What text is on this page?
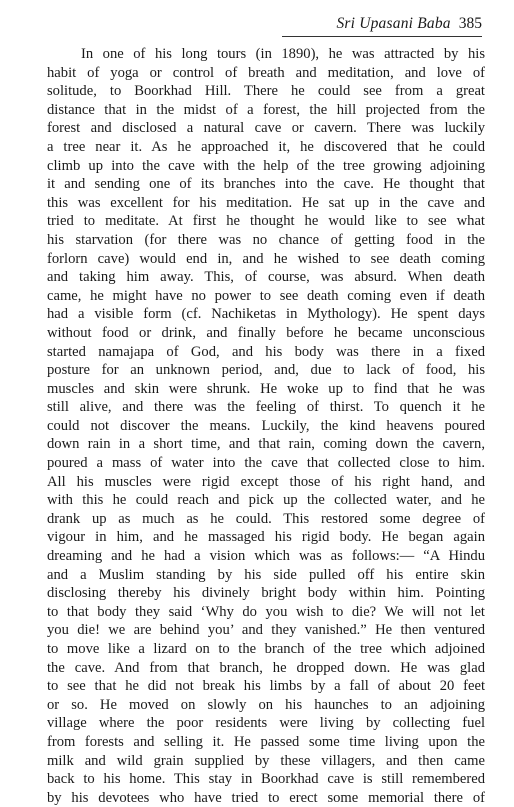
Sri Upasani Baba 385
In one of his long tours (in 1890), he was attracted by his
habit of yoga or control of breath and meditation, and love of
solitude, to Boorkhad Hill. There he could see from a great
distance that in the midst of a forest, the hill projected from the
forest and disclosed a natural cave or cavern. There was luckily
a tree near it. As he approached it, he discovered that he could
climb up into the cave with the help of the tree growing adjoining
it and sending one of its branches into the cave. He thought that
this was excellent for his meditation. He sat up in the cave and
tried to meditate. At first he thought he would like to see what
his starvation (for there was no chance of getting food in the
forlorn cave) would end in, and he wished to see death coming
and taking him away. This, of course, was absurd. When death
came, he might have no power to see death coming even if death
had a visible form (cf. Nachiketas in Mythology). He spent days
without food or drink, and finally before he became unconscious
started namajapa of God, and his body was there in a fixed
posture for an unknown period, and, due to lack of food, his
muscles and skin were shrunk. He woke up to find that he was
still alive, and there was the feeling of thirst. To quench it he
could not discover the means. Luckily, the kind heavens poured
down rain in a short time, and that rain, coming down the cavern,
poured a mass of water into the cave that collected close to him.
All his muscles were rigid except those of his right hand, and
with this he could reach and pick up the collected water, and he
drank up as much as he could. This restored some degree of
vigour in him, and he massaged his rigid body. He began again
dreaming and he had a vision which was as follows:— “A Hindu
and a Muslim standing by his side pulled off his entire skin
disclosing thereby his divinely bright body within him. Pointing
to that body they said ‘Why do you wish to die? We will not let
you die! we are behind you’ and they vanished.” He then ventured
to move like a lizard on to the branch of the tree which adjoined
the cave. And from that branch, he dropped down. He was glad
to see that he did not break his limbs by a fall of about 20 feet
or so. He moved on slowly on his haunches to an adjoining
village where the poor residents were living by collecting fuel
from forests and selling it. He passed some time living upon the
milk and wild grain supplied by these villagers, and then came
back to his home. This stay in Boorkhad cave is still remembered
by his devotees who have tried to erect some memorial there of
